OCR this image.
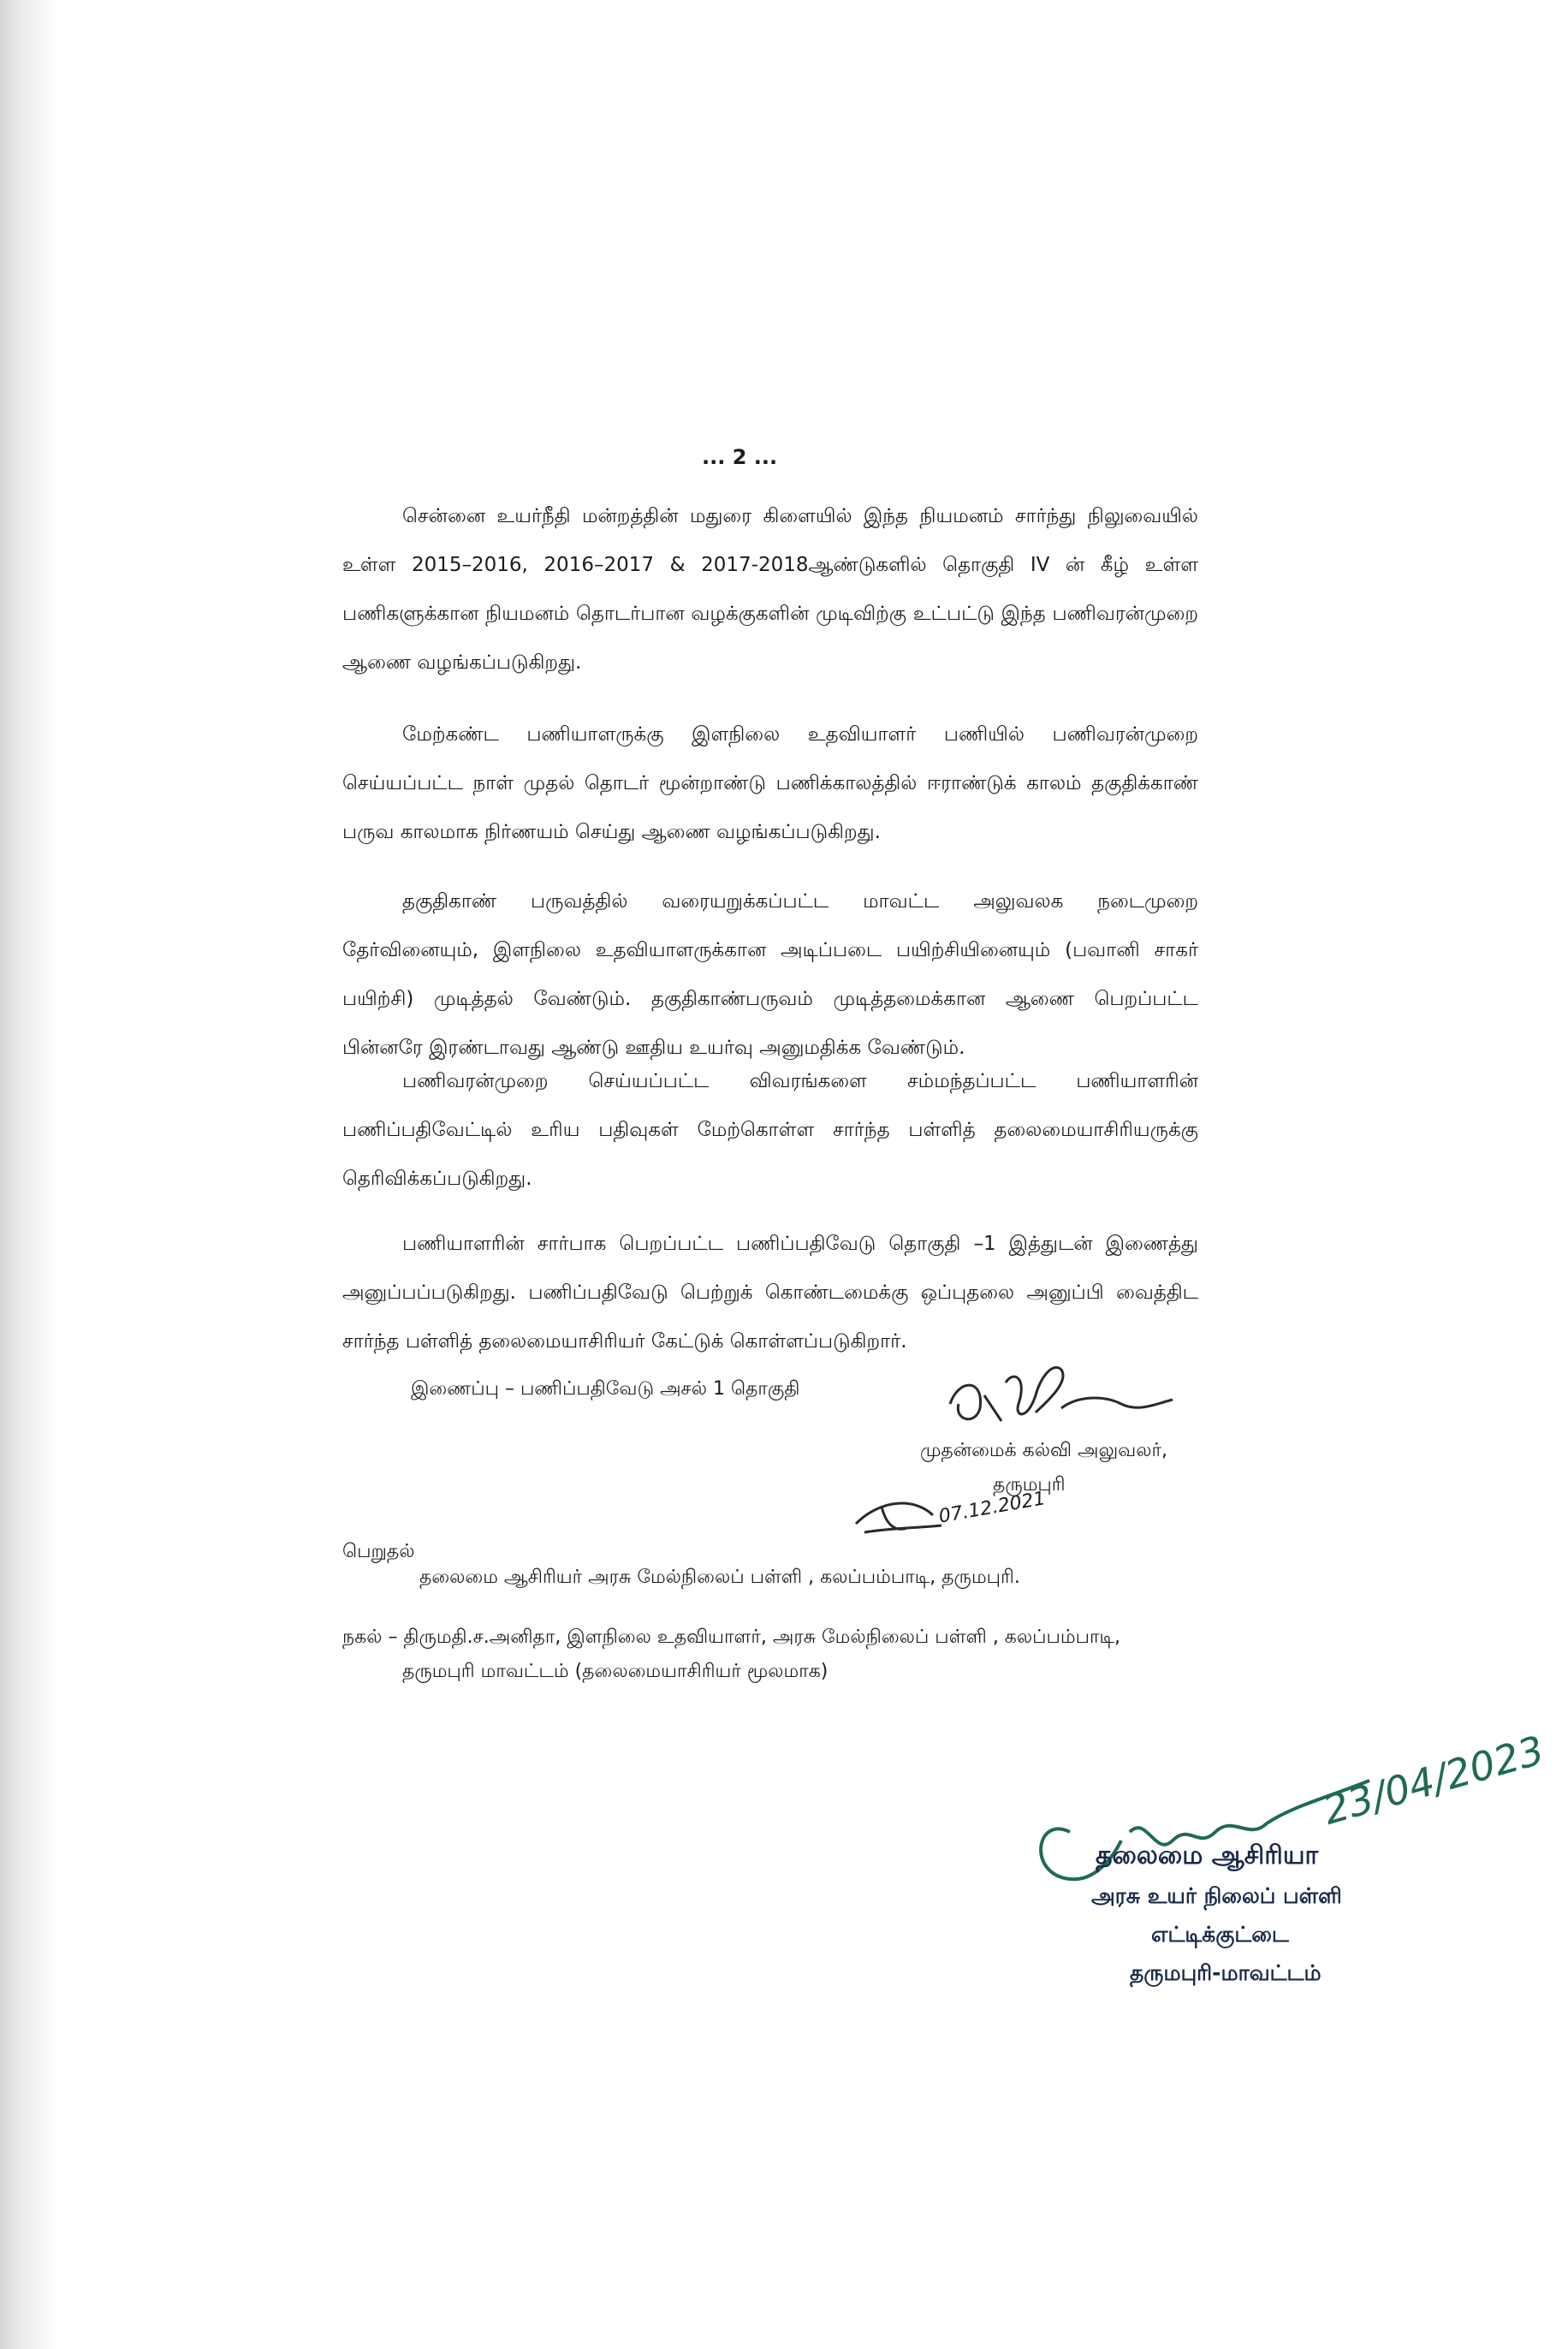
... 2 ...
சென்னை உயர்நீதி மன்றத்தின் மதுரை கிளையில் இந்த நியமனம் சார்ந்து நிலுவையில் உள்ள 2015–2016, 2016–2017 & 2017-2018ஆண்டுகளில் தொகுதி IV ன் கீழ் உள்ள பணிகளுக்கான நியமனம் தொடர்பான வழக்குகளின் முடிவிற்கு உட்பட்டு இந்த பணிவரன்முறை ஆணை வழங்கப்படுகிறது.
மேற்கண்ட பணியாளருக்கு இளநிலை உதவியாளர் பணியில் பணிவரன்முறை செய்யப்பட்ட நாள் முதல் தொடர் மூன்றாண்டு பணிக்காலத்தில் ஈராண்டுக் காலம் தகுதிக்காண் பருவ காலமாக நிர்ணயம் செய்து ஆணை வழங்கப்படுகிறது.
தகுதிகாண் பருவத்தில் வரையறுக்கப்பட்ட மாவட்ட அலுவலக நடைமுறை தேர்வினையும், இளநிலை உதவியாளருக்கான அடிப்படை பயிற்சியினையும் (பவானி சாகர் பயிற்சி) முடித்தல் வேண்டும். தகுதிகாண்பருவம் முடித்தமைக்கான ஆணை பெறப்பட்ட பின்னரே இரண்டாவது ஆண்டு ஊதிய உயர்வு அனுமதிக்க வேண்டும்.
பணிவரன்முறை செய்யப்பட்ட விவரங்களை சம்மந்தப்பட்ட பணியாளரின் பணிப்பதிவேட்டில் உரிய பதிவுகள் மேற்கொள்ள சார்ந்த பள்ளித் தலைமையாசிரியருக்கு தெரிவிக்கப்படுகிறது.
பணியாளரின் சார்பாக பெறப்பட்ட பணிப்பதிவேடு தொகுதி –1 இத்துடன் இணைத்து அனுப்பப்படுகிறது. பணிப்பதிவேடு பெற்றுக் கொண்டமைக்கு ஒப்புதலை அனுப்பி வைத்திட சார்ந்த பள்ளித் தலைமையாசிரியர் கேட்டுக் கொள்ளப்படுகிறார்.
இணைப்பு – பணிப்பதிவேடு அசல் 1 தொகுதி
முதன்மைக் கல்வி அலுவலர்,
தருமபுரி
07.12.2021
பெறுதல்
தலைமை ஆசிரியர் அரசு மேல்நிலைப் பள்ளி , கலப்பம்பாடி, தருமபுரி.
நகல் – திருமதி.ச.அனிதா, இளநிலை உதவியாளர், அரசு மேல்நிலைப் பள்ளி , கலப்பம்பாடி,
தருமபுரி மாவட்டம் (தலைமையாசிரியர் மூலமாக)
23/04/2023
தலைமை ஆசிரியா
அரசு உயர் நிலைப் பள்ளி
எட்டிக்குட்டை
தருமபுரி-மாவட்டம்
